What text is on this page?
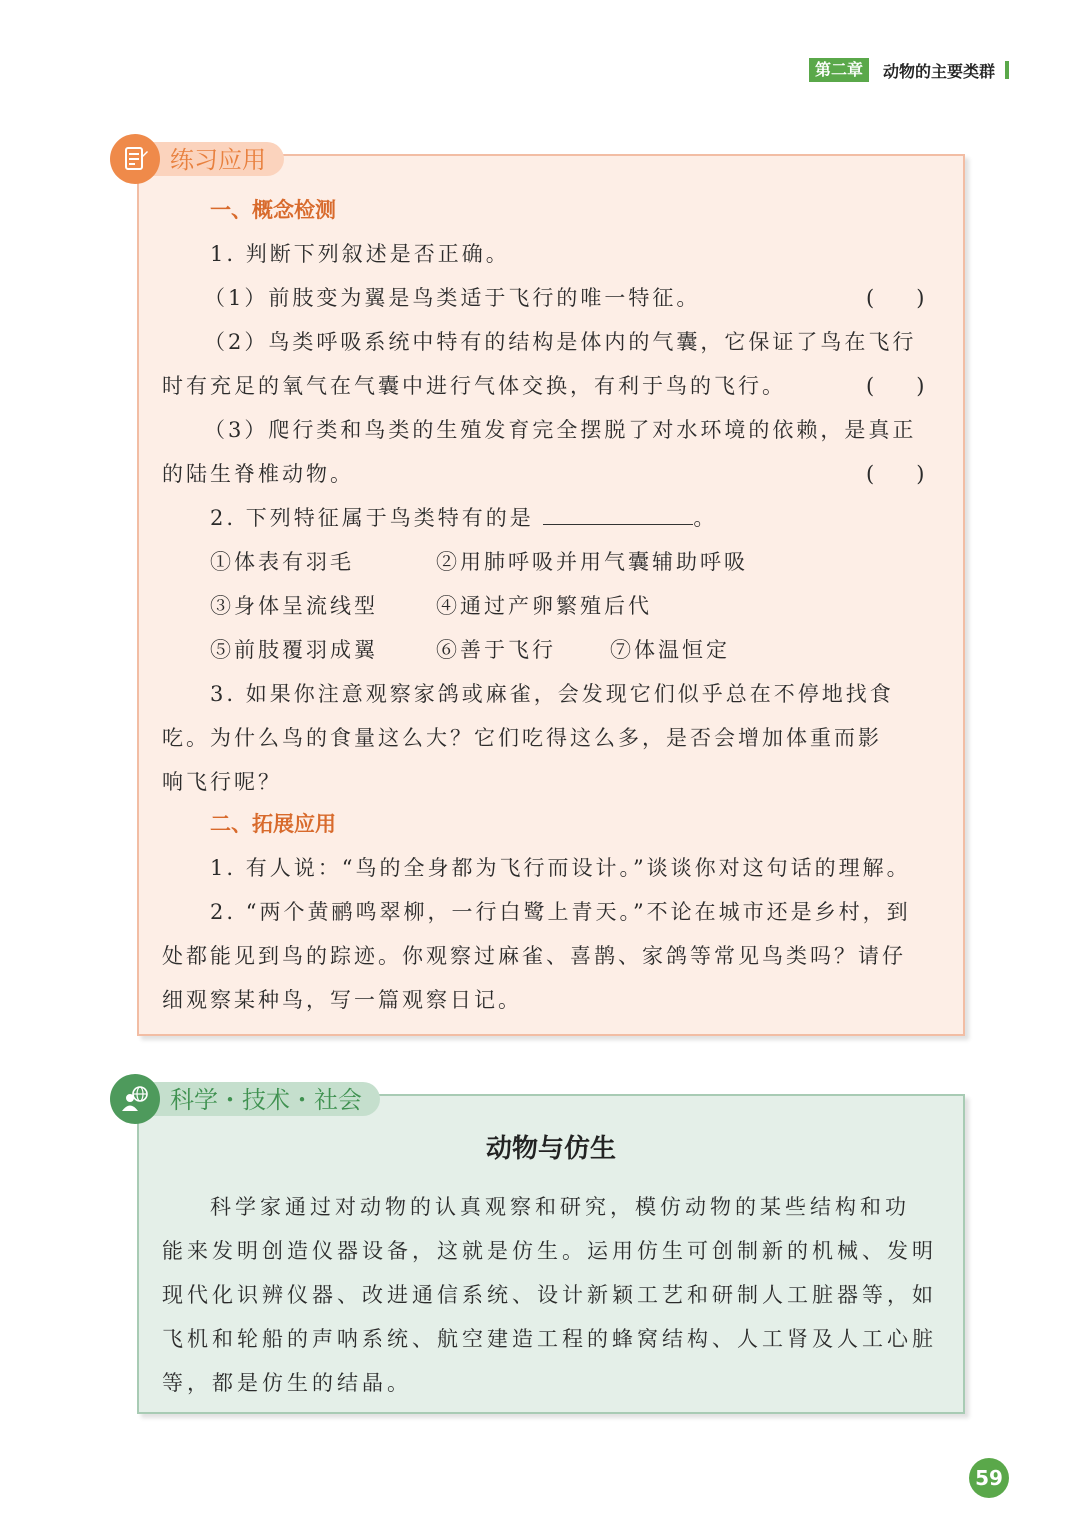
第二章	动物的主要类群
练习应用
一、概念检测
1. 判断下列叙述是否正确。
（1）前肢变为翼是鸟类适于飞行的唯一特征。	(　　)
（2）鸟类呼吸系统中特有的结构是体内的气囊，它保证了鸟在飞行
时有充足的氧气在气囊中进行气体交换，有利于鸟的飞行。	(　　)
（3）爬行类和鸟类的生殖发育完全摆脱了对水环境的依赖，是真正
的陆生脊椎动物。	(　　)
2. 下列特征属于鸟类特有的是	。
①体表有羽毛	②用肺呼吸并用气囊辅助呼吸
③身体呈流线型	④通过产卵繁殖后代
⑤前肢覆羽成翼	⑥善于飞行	⑦体温恒定
3. 如果你注意观察家鸽或麻雀，会发现它们似乎总在不停地找食
吃。为什么鸟的食量这么大？它们吃得这么多，是否会增加体重而影
响飞行呢？
二、拓展应用
1. 有人说：“鸟的全身都为飞行而设计。”谈谈你对这句话的理解。
2. “两个黄鹂鸣翠柳，一行白鹭上青天。”不论在城市还是乡村，到
处都能见到鸟的踪迹。你观察过麻雀、喜鹊、家鸽等常见鸟类吗？请仔
细观察某种鸟，写一篇观察日记。
科学・技术・社会
动物与仿生
科学家通过对动物的认真观察和研究，模仿动物的某些结构和功
能来发明创造仪器设备，这就是仿生。运用仿生可创制新的机械、发明
现代化识辨仪器、改进通信系统、设计新颖工艺和研制人工脏器等，如
飞机和轮船的声呐系统、航空建造工程的蜂窝结构、人工肾及人工心脏
等，都是仿生的结晶。
59
